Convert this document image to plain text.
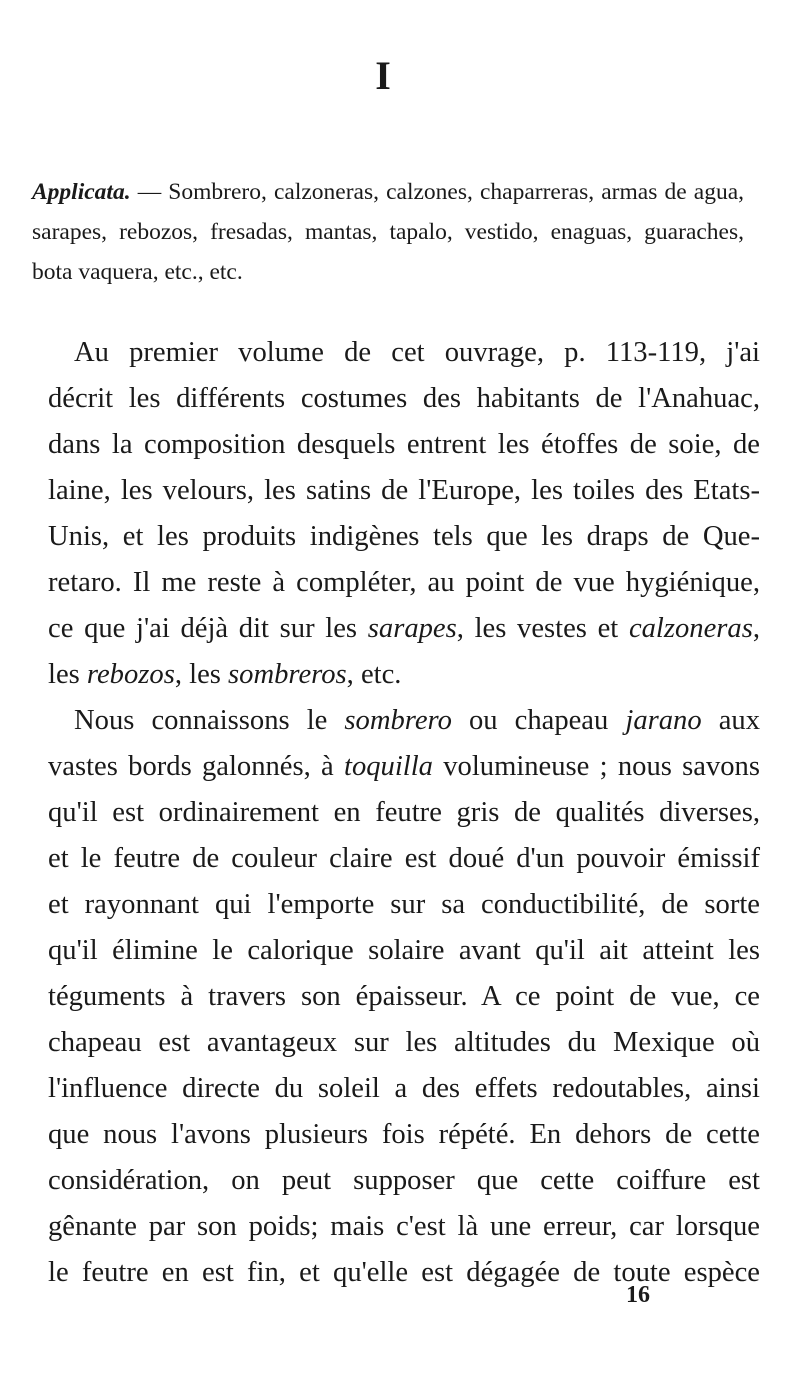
I
Applicata. — Sombrero, calzoneras, calzones, chaparreras, armas de agua, sarapes, rebozos, fresadas, mantas, tapalo, vestido, enaguas, guaraches, bota vaquera, etc., etc.
Au premier volume de cet ouvrage, p. 113-119, j'ai
décrit les différents costumes des habitants de l'Anahuac,
dans la composition desquels entrent les étoffes de soie, de
laine, les velours, les satins de l'Europe, les toiles des Etats-
Unis, et les produits indigènes tels que les draps de Que-
retaro. Il me reste à compléter, au point de vue hygiénique,
ce que j'ai déjà dit sur les sarapes, les vestes et calzoneras,
les rebozos, les sombreros, etc.
Nous connaissons le sombrero ou chapeau jarano aux
vastes bords galonnés, à toquilla volumineuse ; nous savons
qu'il est ordinairement en feutre gris de qualités diverses,
et le feutre de couleur claire est doué d'un pouvoir émissif
et rayonnant qui l'emporte sur sa conductibilité, de sorte
qu'il élimine le calorique solaire avant qu'il ait atteint les
téguments à travers son épaisseur. A ce point de vue, ce
chapeau est avantageux sur les altitudes du Mexique où
l'influence directe du soleil a des effets redoutables, ainsi
que nous l'avons plusieurs fois répété. En dehors de cette
considération, on peut supposer que cette coiffure est
gênante par son poids; mais c'est là une erreur, car lorsque
le feutre en est fin, et qu'elle est dégagée de toute espèce
16
